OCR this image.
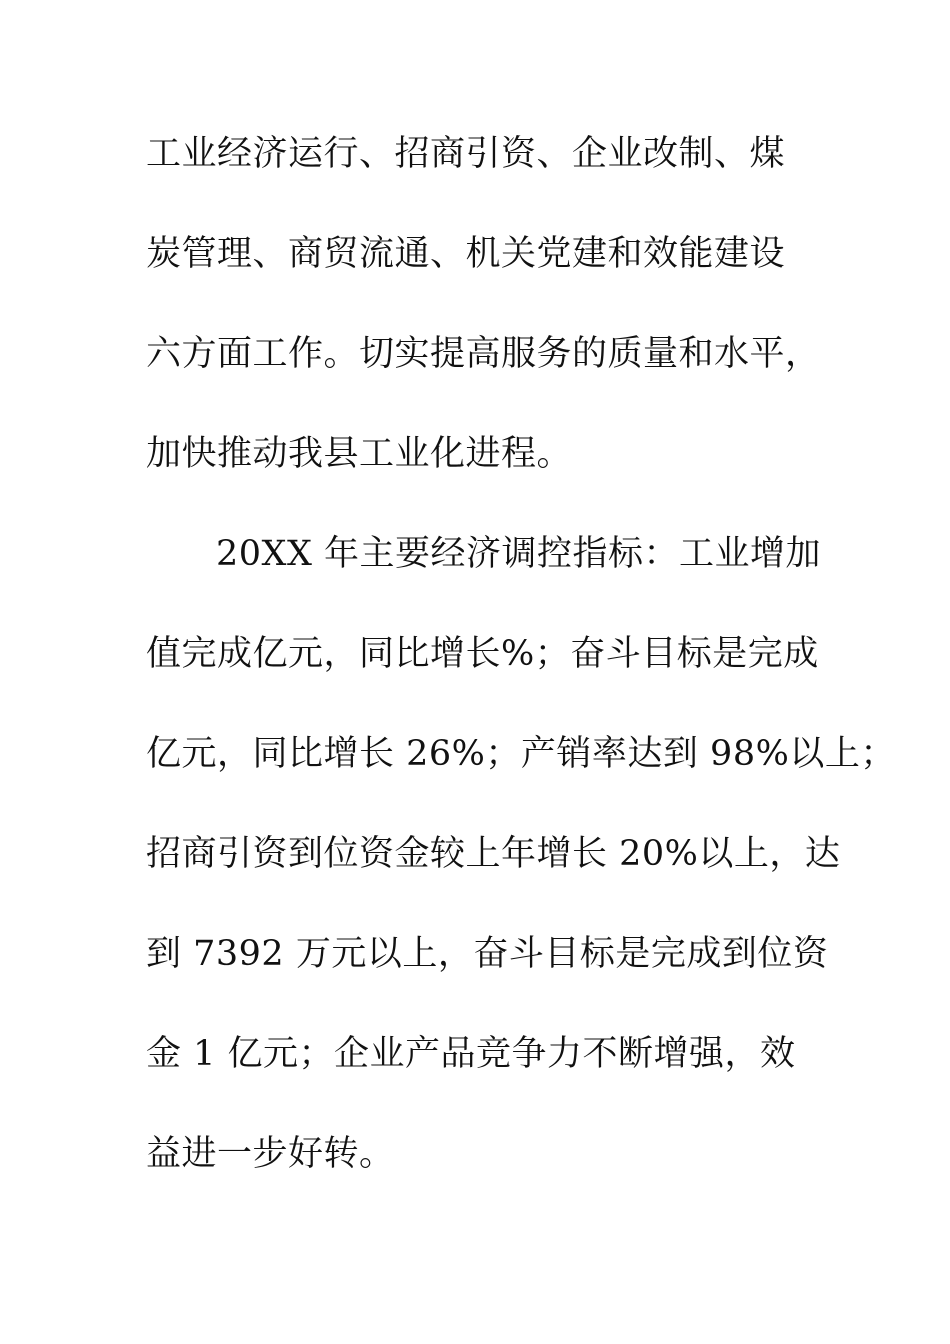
工业经济运行、招商引资、企业改制、煤
炭管理、商贸流通、机关党建和效能建设
六方面工作。切实提高服务的质量和水平，
加快推动我县工业化进程。
20XX 年主要经济调控指标：工业增加
值完成亿元，同比增长%；奋斗目标是完成
亿元，同比增长 26%；产销率达到 98%以上；
招商引资到位资金较上年增长 20%以上，达
到 7392 万元以上，奋斗目标是完成到位资
金 1 亿元；企业产品竞争力不断增强，效
益进一步好转。
